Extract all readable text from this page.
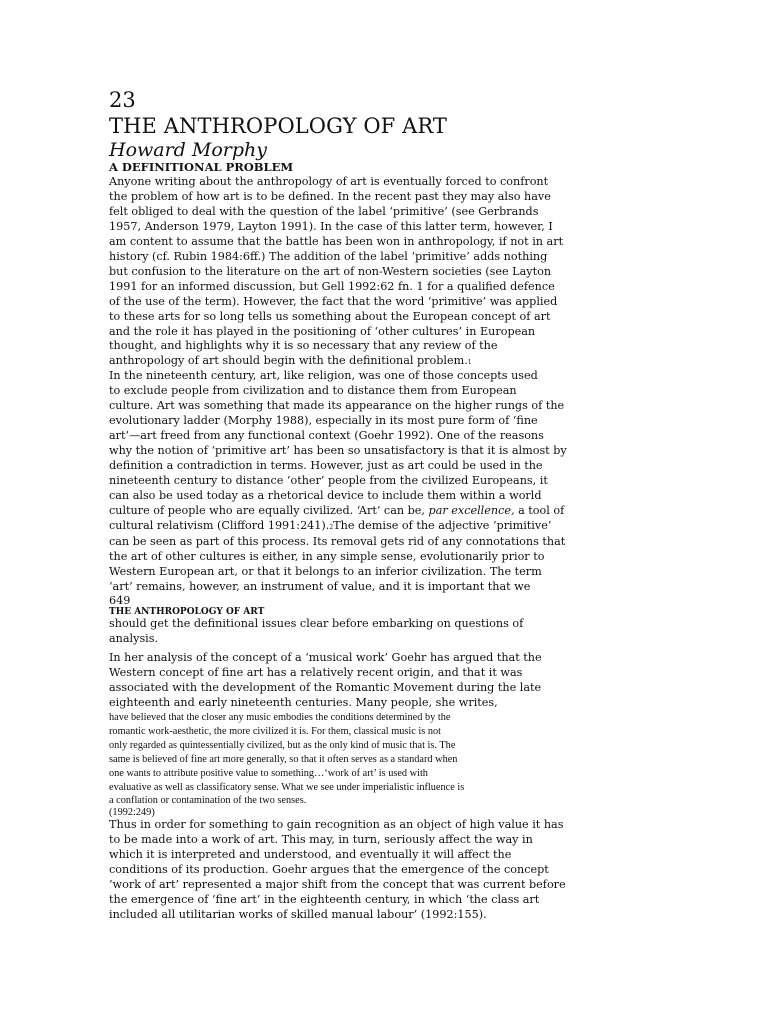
23
THE ANTHROPOLOGY OF ART
Howard Morphy
A DEFINITIONAL PROBLEM
Anyone writing about the anthropology of art is eventually forced to confront
the problem of how art is to be defined. In the recent past they may also have
felt obliged to deal with the question of the label ‘primitive’ (see Gerbrands
1957, Anderson 1979, Layton 1991). In the case of this latter term, however, I
am content to assume that the battle has been won in anthropology, if not in art
history (cf. Rubin 1984:6ff.) The addition of the label ‘primitive’ adds nothing
but confusion to the literature on the art of non-Western societies (see Layton
1991 for an informed discussion, but Gell 1992:62 fn. 1 for a qualified defence
of the use of the term). However, the fact that the word ‘primitive’ was applied
to these arts for so long tells us something about the European concept of art
and the role it has played in the positioning of ‘other cultures’ in European
thought, and highlights why it is so necessary that any review of the
anthropology of art should begin with the definitional problem.1
In the nineteenth century, art, like religion, was one of those concepts used
to exclude people from civilization and to distance them from European
culture. Art was something that made its appearance on the higher rungs of the
evolutionary ladder (Morphy 1988), especially in its most pure form of ‘fine
art’—art freed from any functional context (Goehr 1992). One of the reasons
why the notion of ‘primitive art’ has been so unsatisfactory is that it is almost by
definition a contradiction in terms. However, just as art could be used in the
nineteenth century to distance ‘other’ people from the civilized Europeans, it
can also be used today as a rhetorical device to include them within a world
culture of people who are equally civilized. ‘Art’ can be, par excellence, a tool of
cultural relativism (Clifford 1991:241).2The demise of the adjective ‘primitive’
can be seen as part of this process. Its removal gets rid of any connotations that
the art of other cultures is either, in any simple sense, evolutionarily prior to
Western European art, or that it belongs to an inferior civilization. The term
‘art’ remains, however, an instrument of value, and it is important that we
649
THE ANTHROPOLOGY OF ART
should get the definitional issues clear before embarking on questions of
analysis.
In her analysis of the concept of a ‘musical work’ Goehr has argued that the
Western concept of fine art has a relatively recent origin, and that it was
associated with the development of the Romantic Movement during the late
eighteenth and early nineteenth centuries. Many people, she writes,
have believed that the closer any music embodies the conditions determined by the
romantic work-aesthetic, the more civilized it is. For them, classical music is not
only regarded as quintessentially civilized, but as the only kind of music that is. The
same is believed of fine art more generally, so that it often serves as a standard when
one wants to attribute positive value to something…‘work of art’ is used with
evaluative as well as classificatory sense. What we see under imperialistic influence is
a conflation or contamination of the two senses.
(1992:249)
Thus in order for something to gain recognition as an object of high value it has
to be made into a work of art. This may, in turn, seriously affect the way in
which it is interpreted and understood, and eventually it will affect the
conditions of its production. Goehr argues that the emergence of the concept
‘work of art’ represented a major shift from the concept that was current before
the emergence of ‘fine art’ in the eighteenth century, in which ‘the class art
included all utilitarian works of skilled manual labour’ (1992:155).
